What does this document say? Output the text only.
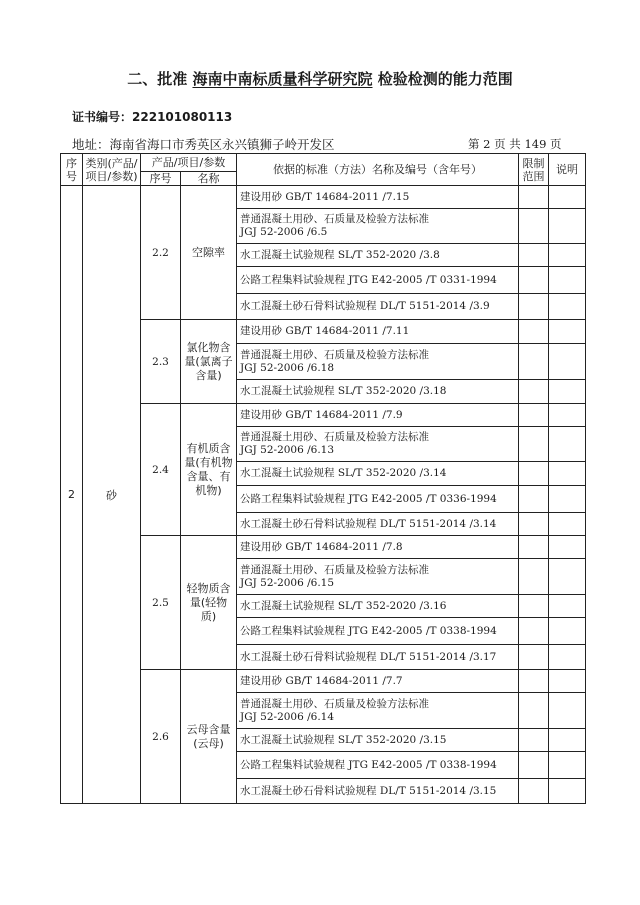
二、批准 海南中南标质量科学研究院 检验检测的能力范围
证书编号：222101080113
地址：海南省海口市秀英区永兴镇狮子岭开发区	第 2 页 共 149 页
序号	类别(产品/项目/参数)	产品/项目/参数		依据的标准（方法）名称及编号（含年号）	限制范围	说明
		序号	名称			
2	砂	2.2	空隙率	建设用砂 GB/T 14684-2011 /7.15		

				普通混凝土用砂、石质量及检验方法标准
JGJ 52-2006 /6.5		

				水工混凝土试验规程 SL/T 352-2020 /3.8		

				公路工程集料试验规程 JTG E42-2005 /T 0331-1994		

				水工混凝土砂石骨料试验规程 DL/T 5151-2014 /3.9		

		2.3	氯化物含量(氯离子含量)	建设用砂 GB/T 14684-2011 /7.11		

				普通混凝土用砂、石质量及检验方法标准
JGJ 52-2006 /6.18		

				水工混凝土试验规程 SL/T 352-2020 /3.18		

		2.4	有机质含量(有机物含量、有机物)	建设用砂 GB/T 14684-2011 /7.9		

				普通混凝土用砂、石质量及检验方法标准
JGJ 52-2006 /6.13		

				水工混凝土试验规程 SL/T 352-2020 /3.14		

				公路工程集料试验规程 JTG E42-2005 /T 0336-1994		

				水工混凝土砂石骨料试验规程 DL/T 5151-2014 /3.14		

		2.5	轻物质含量(轻物质)	建设用砂 GB/T 14684-2011 /7.8		

				普通混凝土用砂、石质量及检验方法标准
JGJ 52-2006 /6.15		

				水工混凝土试验规程 SL/T 352-2020 /3.16		

				公路工程集料试验规程 JTG E42-2005 /T 0338-1994		

				水工混凝土砂石骨料试验规程 DL/T 5151-2014 /3.17		

		2.6	云母含量(云母)	建设用砂 GB/T 14684-2011 /7.7		

				普通混凝土用砂、石质量及检验方法标准
JGJ 52-2006 /6.14		

				水工混凝土试验规程 SL/T 352-2020 /3.15		

				公路工程集料试验规程 JTG E42-2005 /T 0338-1994		

				水工混凝土砂石骨料试验规程 DL/T 5151-2014 /3.15		
